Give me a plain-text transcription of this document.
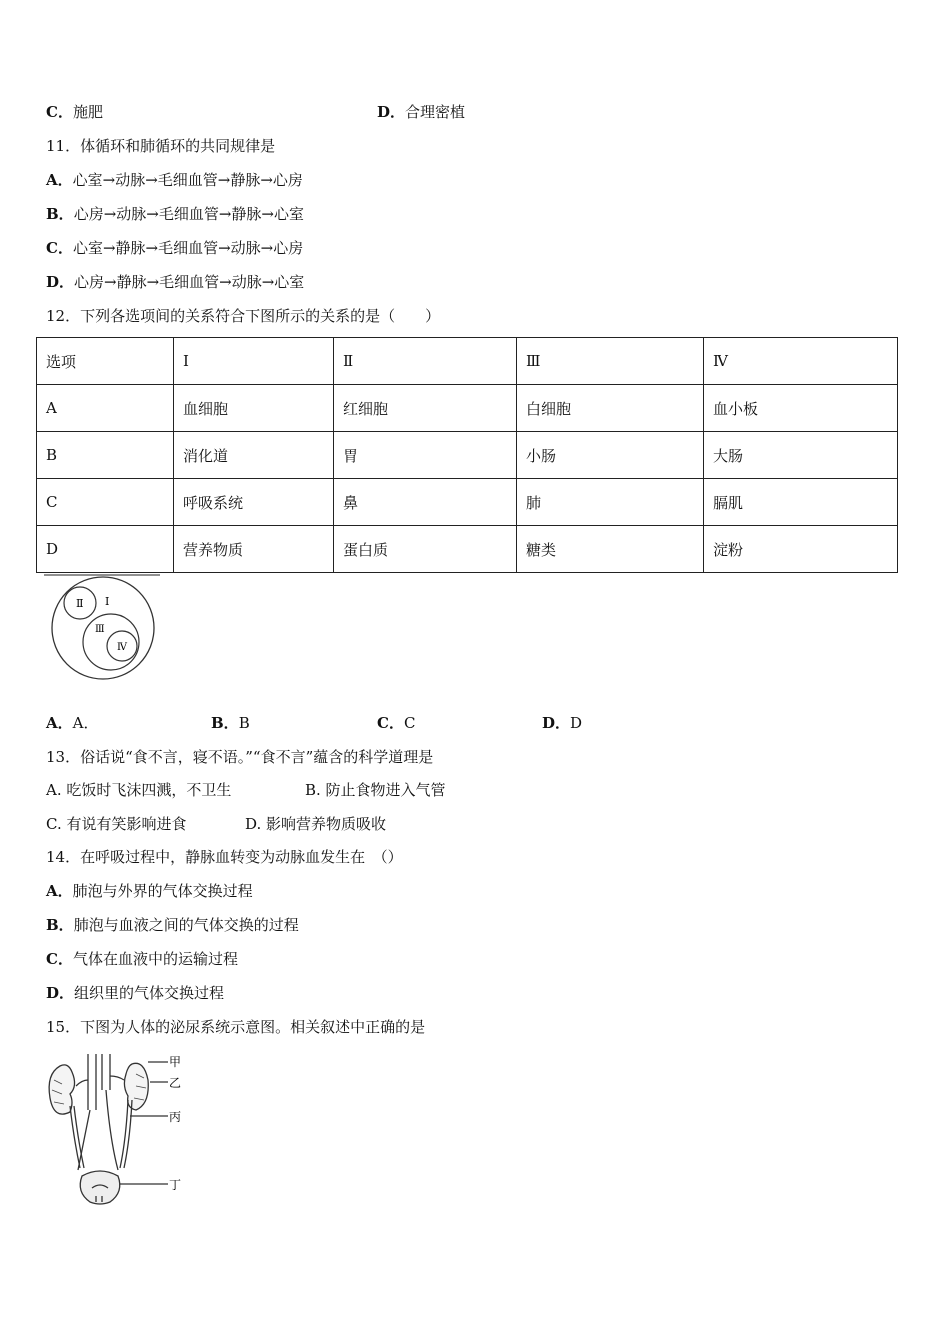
C．施肥	D．合理密植
11．体循环和肺循环的共同规律是
A．心室→动脉→毛细血管→静脉→心房
B．心房→动脉→毛细血管→静脉→心室
C．心室→静脉→毛细血管→动脉→心房
D．心房→静脉→毛细血管→动脉→心室
12．下列各选项间的关系符合下图所示的关系的是（　　）
选项	Ⅰ	Ⅱ	Ⅲ	Ⅳ
A	血细胞	红细胞	白细胞	血小板
B	消化道	胃	小肠	大肠
C	呼吸系统	鼻	肺	膈肌
D	营养物质	蛋白质	糖类	淀粉
Ⅱ Ⅰ
Ⅲ
Ⅳ
A．A．	B．B	C．C	D．D
13．俗话说“食不言，寝不语。”“食不言”蕴含的科学道理是
A. 吃饭时飞沫四溅，不卫生	B. 防止食物进入气管
C. 有说有笑影响进食	D. 影响营养物质吸收
14．在呼吸过程中，静脉血转变为动脉血发生在　（）
A．肺泡与外界的气体交换过程
B．肺泡与血液之间的气体交换的过程
C．气体在血液中的运输过程
D．组织里的气体交换过程
15．下图为人体的泌尿系统示意图。相关叙述中正确的是
甲
乙
丙
丁
